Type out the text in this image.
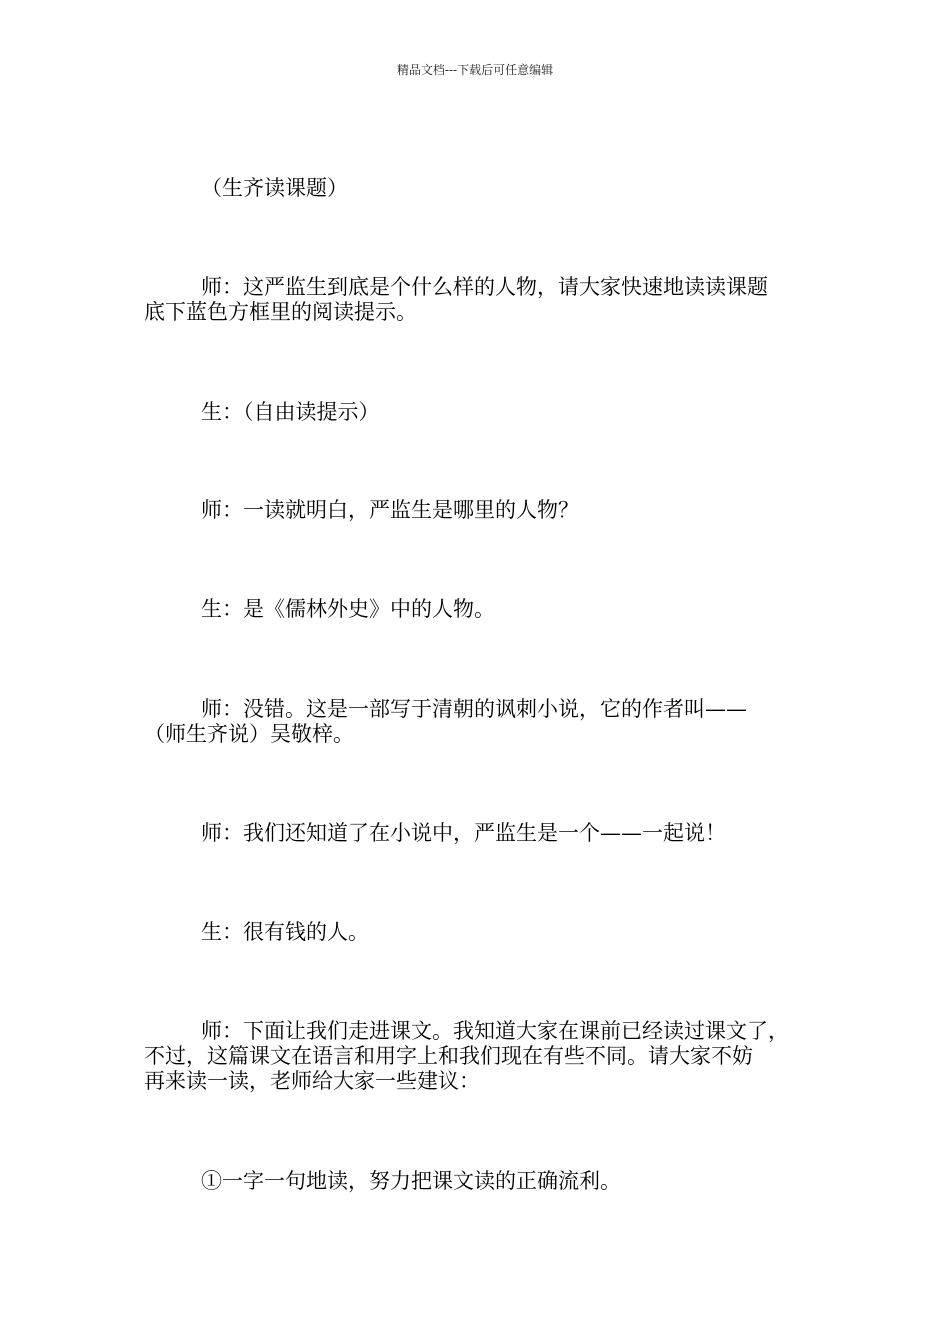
精品文档---下载后可任意编辑
（生齐读课题）
师：这严监生到底是个什么样的人物，请大家快速地读读课题
底下蓝色方框里的阅读提示。
生：（自由读提示）
师：一读就明白，严监生是哪里的人物？
生：是《儒林外史》中的人物。
师：没错。这是一部写于清朝的讽刺小说，它的作者叫——
（师生齐说）吴敬梓。
师：我们还知道了在小说中，严监生是一个——一起说！
生：很有钱的人。
师：下面让我们走进课文。我知道大家在课前已经读过课文了，
不过，这篇课文在语言和用字上和我们现在有些不同。请大家不妨
再来读一读，老师给大家一些建议：
①一字一句地读，努力把课文读的正确流利。
